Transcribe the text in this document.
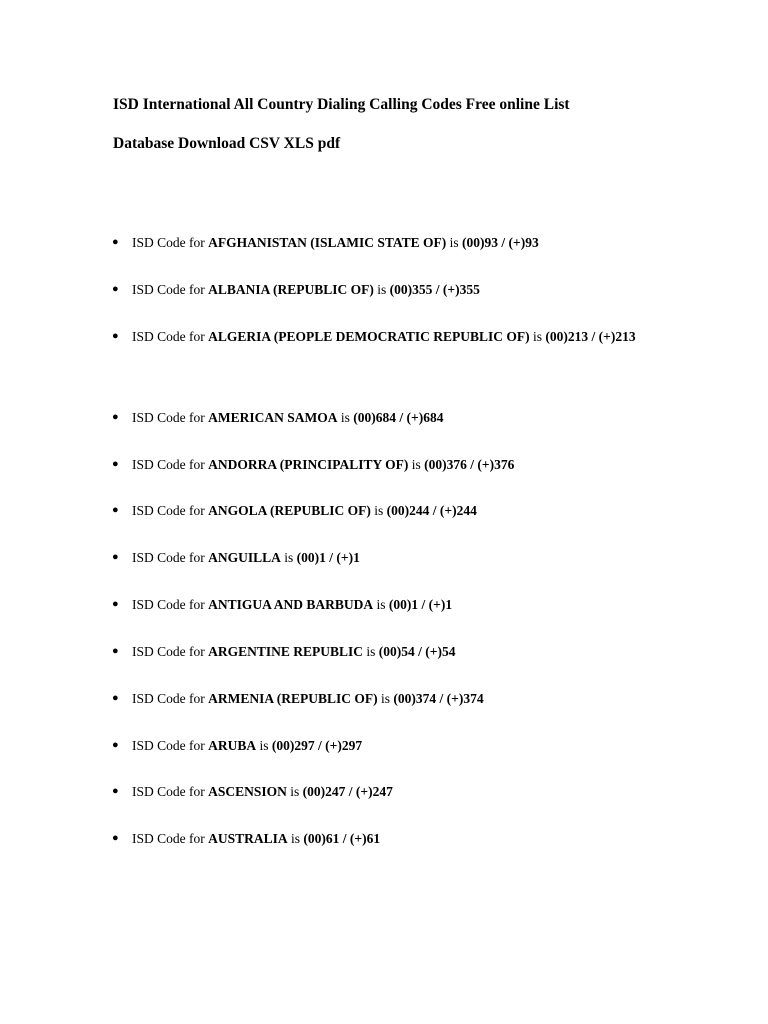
ISD International All Country Dialing Calling Codes Free online List
Database Download CSV XLS pdf
● ISD Code for AFGHANISTAN (ISLAMIC STATE OF) is (00)93 / (+)93
● ISD Code for ALBANIA (REPUBLIC OF) is (00)355 / (+)355
● ISD Code for ALGERIA (PEOPLE DEMOCRATIC REPUBLIC OF) is (00)213 / (+)213
● ISD Code for AMERICAN SAMOA is (00)684 / (+)684
● ISD Code for ANDORRA (PRINCIPALITY OF) is (00)376 / (+)376
● ISD Code for ANGOLA (REPUBLIC OF) is (00)244 / (+)244
● ISD Code for ANGUILLA is (00)1 / (+)1
● ISD Code for ANTIGUA AND BARBUDA is (00)1 / (+)1
● ISD Code for ARGENTINE REPUBLIC is (00)54 / (+)54
● ISD Code for ARMENIA (REPUBLIC OF) is (00)374 / (+)374
● ISD Code for ARUBA is (00)297 / (+)297
● ISD Code for ASCENSION is (00)247 / (+)247
● ISD Code for AUSTRALIA is (00)61 / (+)61
